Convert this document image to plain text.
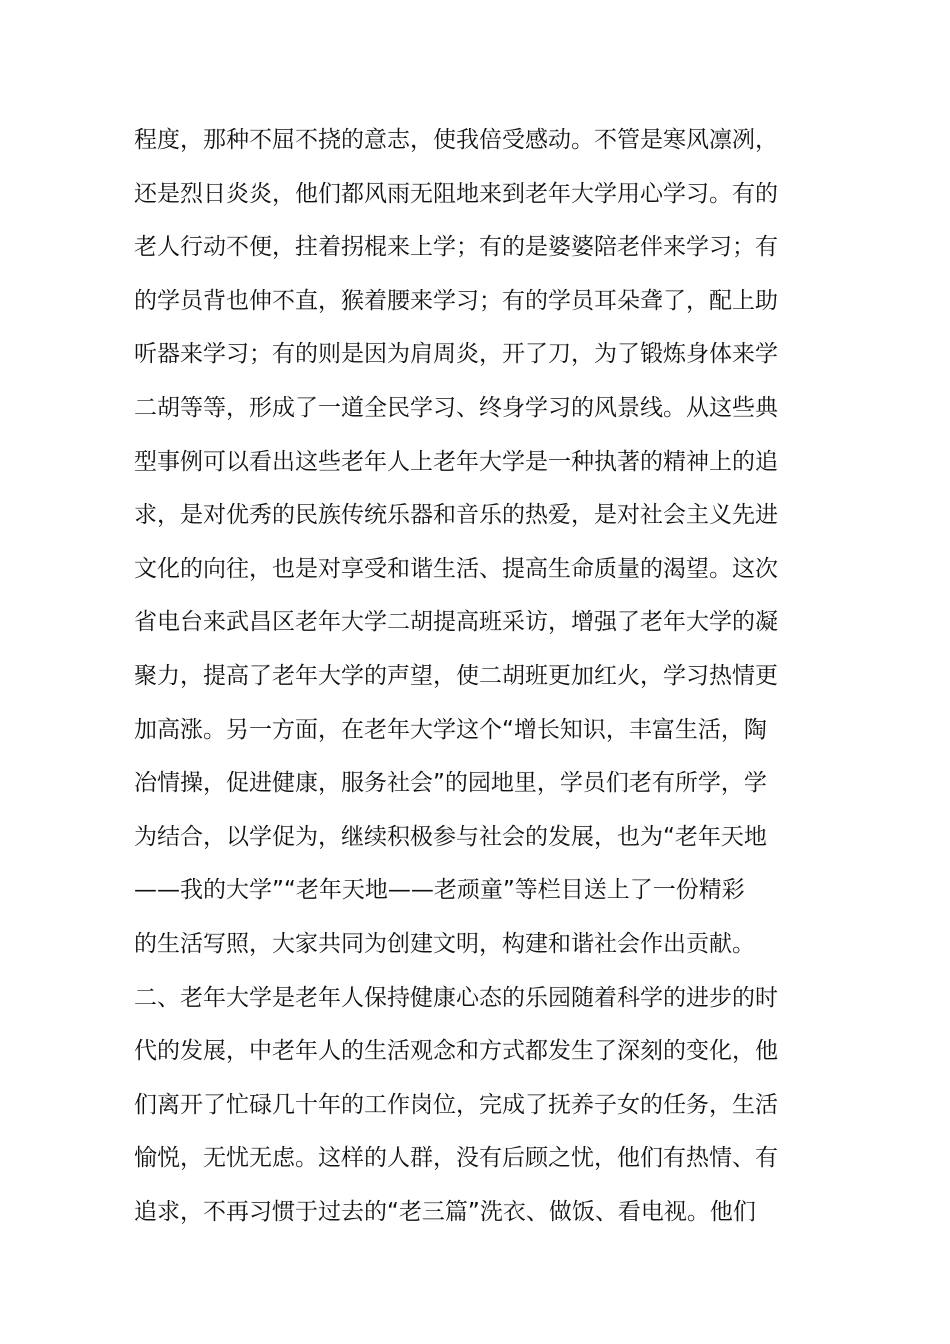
程度，那种不屈不挠的意志，使我倍受感动。不管是寒风凛冽，
还是烈日炎炎，他们都风雨无阻地来到老年大学用心学习。有的
老人行动不便，拄着拐棍来上学；有的是婆婆陪老伴来学习；有
的学员背也伸不直，猴着腰来学习；有的学员耳朵聋了，配上助
听器来学习；有的则是因为肩周炎，开了刀，为了锻炼身体来学
二胡等等，形成了一道全民学习、终身学习的风景线。从这些典
型事例可以看出这些老年人上老年大学是一种执著的精神上的追
求，是对优秀的民族传统乐器和音乐的热爱，是对社会主义先进
文化的向往，也是对享受和谐生活、提高生命质量的渴望。这次
省电台来武昌区老年大学二胡提高班采访，增强了老年大学的凝
聚力，提高了老年大学的声望，使二胡班更加红火，学习热情更
加高涨。另一方面，在老年大学这个“增长知识，丰富生活，陶
冶情操，促进健康，服务社会”的园地里，学员们老有所学，学
为结合，以学促为，继续积极参与社会的发展，也为“老年天地
——我的大学”“老年天地——老顽童”等栏目送上了一份精彩
的生活写照，大家共同为创建文明，构建和谐社会作出贡献。
二、老年大学是老年人保持健康心态的乐园随着科学的进步的时
代的发展，中老年人的生活观念和方式都发生了深刻的变化，他
们离开了忙碌几十年的工作岗位，完成了抚养子女的任务，生活
愉悦，无忧无虑。这样的人群，没有后顾之忧，他们有热情、有
追求，不再习惯于过去的“老三篇”洗衣、做饭、看电视。他们
